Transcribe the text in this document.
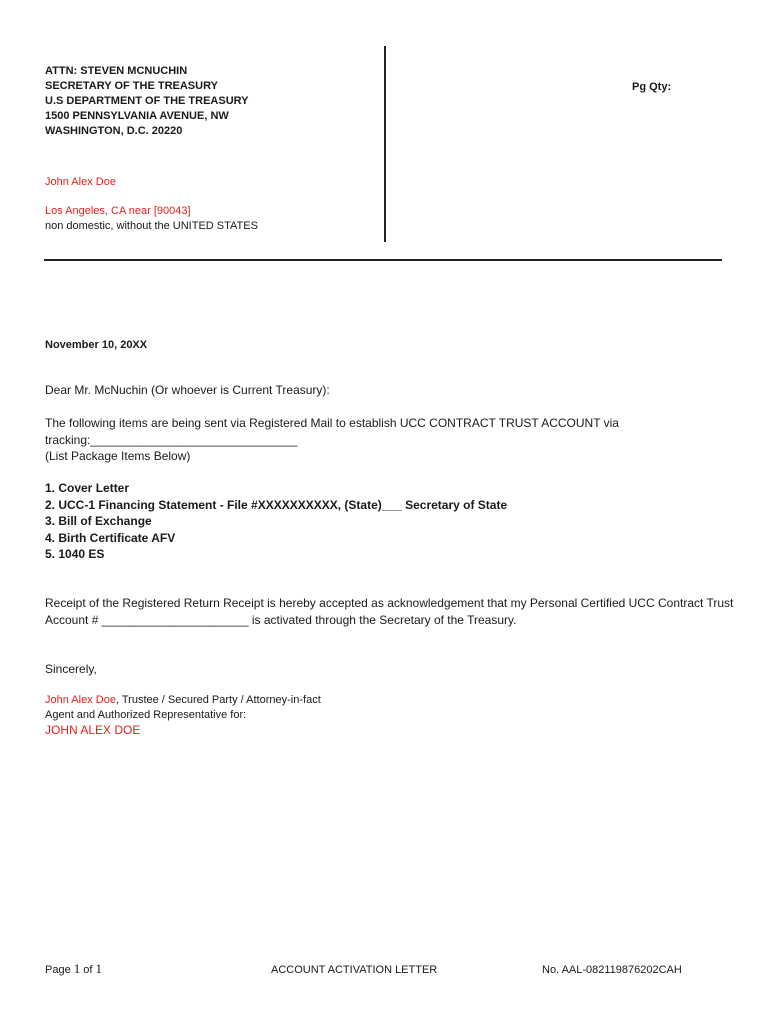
ATTN: STEVEN MCNUCHIN
SECRETARY OF THE TREASURY
U.S DEPARTMENT OF THE TREASURY
1500 PENNSYLVANIA AVENUE, NW
WASHINGTON, D.C. 20220
Pg Qty:
John Alex Doe
Los Angeles, CA near [90043]
non domestic, without the UNITED STATES
November 10, 20XX
Dear Mr. McNuchin (Or whoever is Current Treasury):
The following items are being sent via Registered Mail to establish UCC CONTRACT TRUST ACCOUNT via
tracking:_______________________________
(List Package Items Below)
1. Cover Letter
2. UCC-1 Financing Statement - File #XXXXXXXXXX, (State)___ Secretary of State
3. Bill of Exchange
4. Birth Certificate AFV
5. 1040 ES
Receipt of the Registered Return Receipt is hereby accepted as acknowledgement that my Personal Certified UCC Contract Trust
Account # ______________________ is activated through the Secretary of the Treasury.
Sincerely,
John Alex Doe, Trustee / Secured Party / Attorney-in-fact
Agent and Authorized Representative for:
JOHN ALEX DOE
Page 1 of 1	ACCOUNT ACTIVATION LETTER	No. AAL-082119876202CAH
